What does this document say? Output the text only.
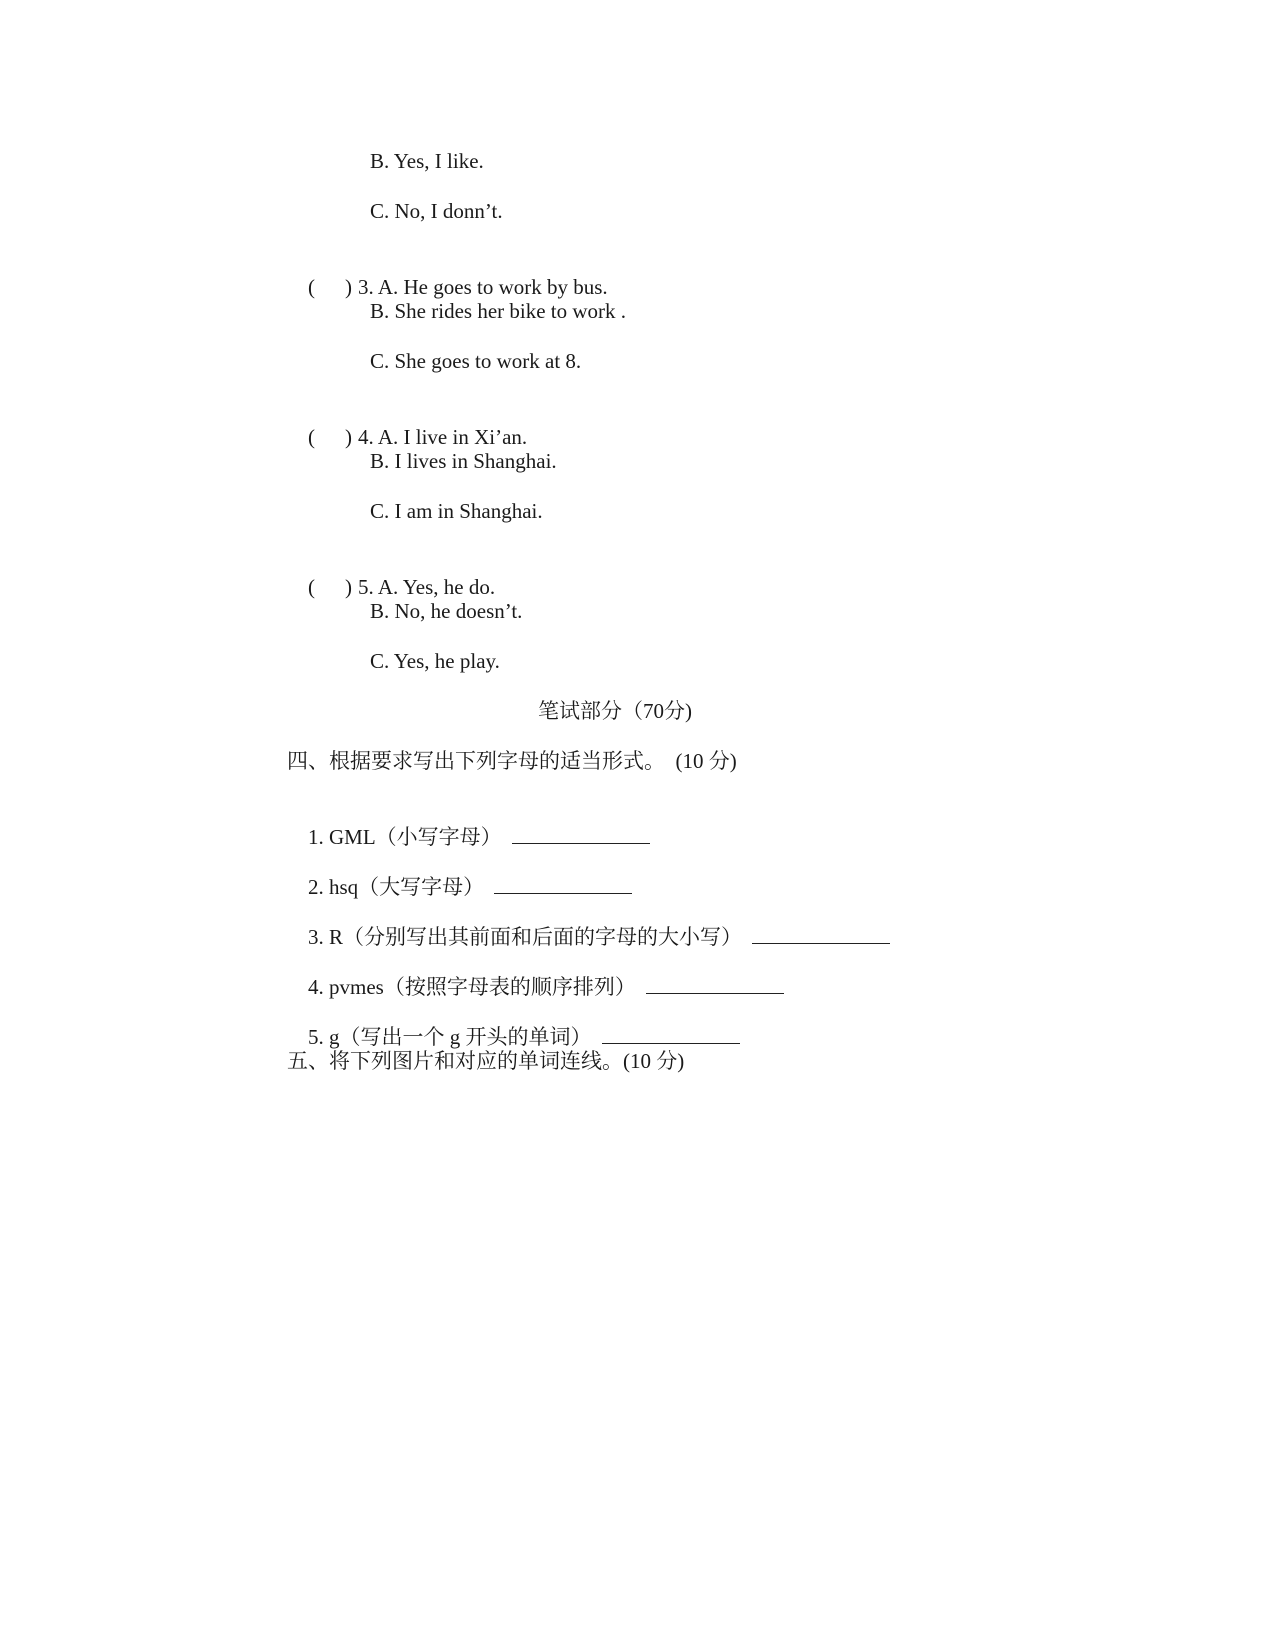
B. Yes, I like.
C. No, I donn’t.

( ) 3. A. He goes to work by bus.

B. She rides her bike to work .
C. She goes to work at 8.

( ) 4. A. I live in Xi’an.

B. I lives in Shanghai.
C. I am in Shanghai.

( ) 5. A. Yes, he do.

B. No, he doesn’t.
C. Yes, he play.
笔试部分（70分)
四、根据要求写出下列字母的适当形式。  (10 分)

1. GML（小写字母）

2. hsq（大写字母）

3. R（分别写出其前面和后面的字母的大小写）

4. pvmes（按照字母表的顺序排列）

5. g（写出一个 g 开头的单词）

五、将下列图片和对应的单词连线。(10 分)
